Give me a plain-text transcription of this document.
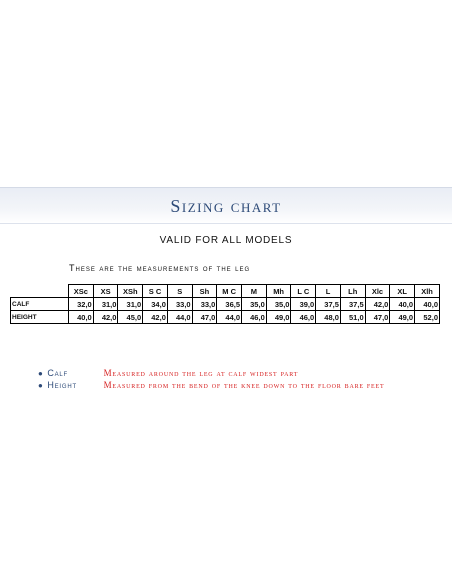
Sizing chart
VALID FOR ALL MODELS
These are the measurements of the leg
	XSc	XS	XSh	S C	S	Sh	M C	M	Mh	L C	L	Lh	Xlc	XL	Xlh
CALF	32,0	31,0	31,0	34,0	33,0	33,0	36,5	35,0	35,0	39,0	37,5	37,5	42,0	40,0	40,0
HEIGHT	40,0	42,0	45,0	42,0	44,0	47,0	44,0	46,0	49,0	46,0	48,0	51,0	47,0	49,0	52,0
● Calf	Measured around the leg at calf widest part
● Height	Measured from the bend of the knee down to the floor bare feet
